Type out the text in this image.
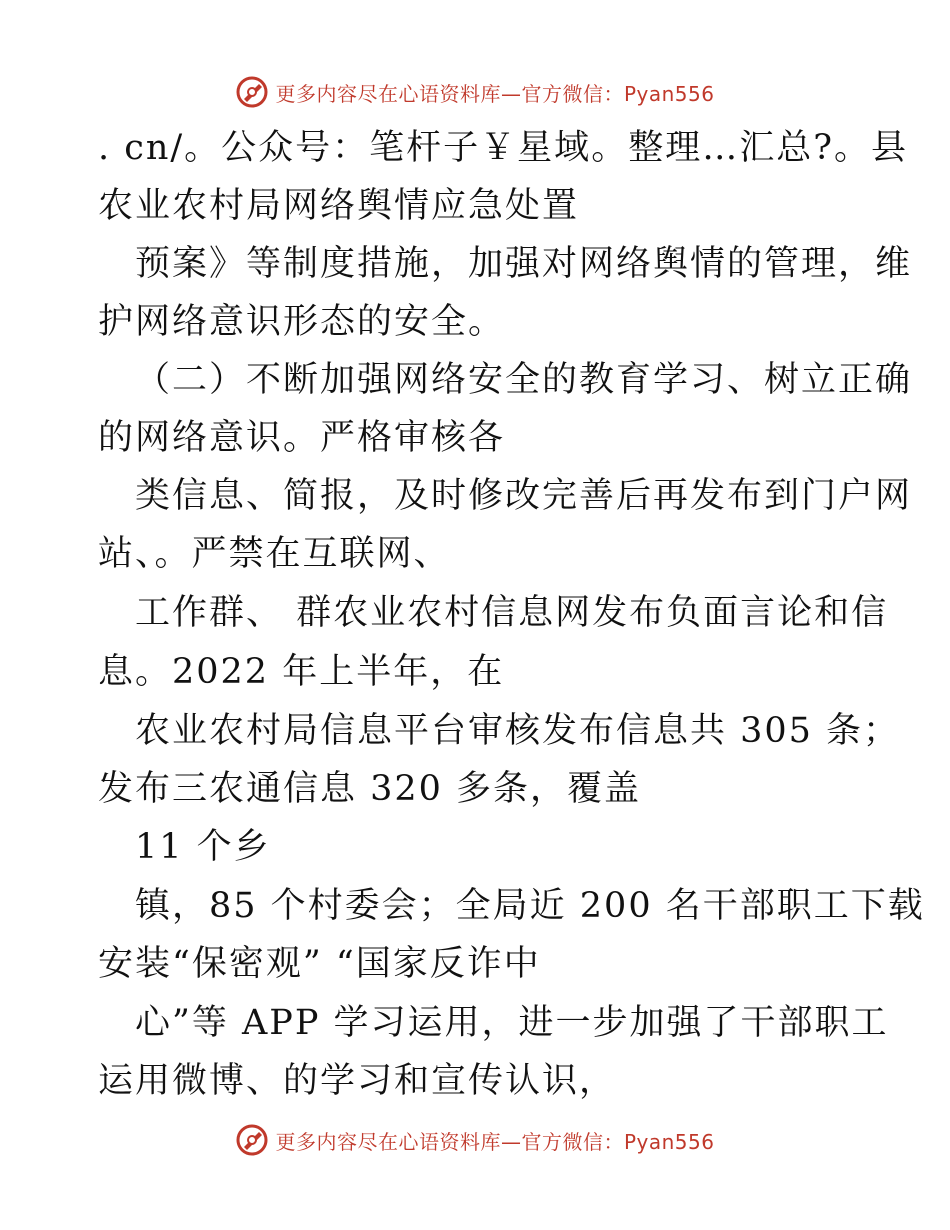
更多内容尽在心语资料库—官方微信：Pyan556
. cn/。公众号：笔杆子￥星域。整理…汇总?。县
农业农村局网络舆情应急处置
预案》等制度措施，加强对网络舆情的管理，维
护网络意识形态的安全。
（二）不断加强网络安全的教育学习、树立正确
的网络意识。严格审核各
类信息、简报，及时修改完善后再发布到门户网
站、。严禁在互联网、
工作群、 群农业农村信息网发布负面言论和信
息。2022 年上半年，在
农业农村局信息平台审核发布信息共 305 条；
发布三农通信息 320 多条，覆盖
11 个乡
镇，85 个村委会；全局近 200 名干部职工下载
安装“保密观” “国家反诈中
心”等 APP 学习运用，进一步加强了干部职工
运用微博、的学习和宣传认识，
更多内容尽在心语资料库—官方微信：Pyan556
